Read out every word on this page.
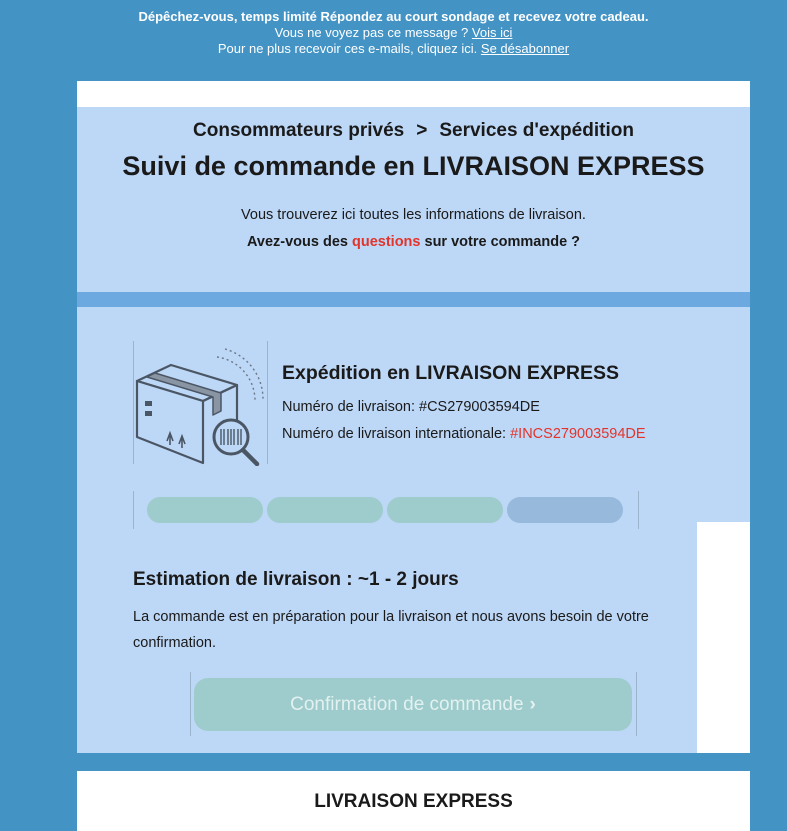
Dépêchez-vous, temps limité Répondez au court sondage et recevez votre cadeau.
Vous ne voyez pas ce message ? Vois ici
Pour ne plus recevoir ces e-mails, cliquez ici. Se désabonner
Consommateurs privés > Services d'expédition
Suivi de commande en LIVRAISON EXPRESS
Vous trouverez ici toutes les informations de livraison.
Avez-vous des questions sur votre commande ?
Expédition en LIVRAISON EXPRESS
Numéro de livraison: #CS279003594DE
Numéro de livraison internationale: #INCS279003594DE
Estimation de livraison : ~1 - 2 jours
La commande est en préparation pour la livraison et nous avons besoin de votre confirmation.
Confirmation de commande ›
LIVRAISON EXPRESS
